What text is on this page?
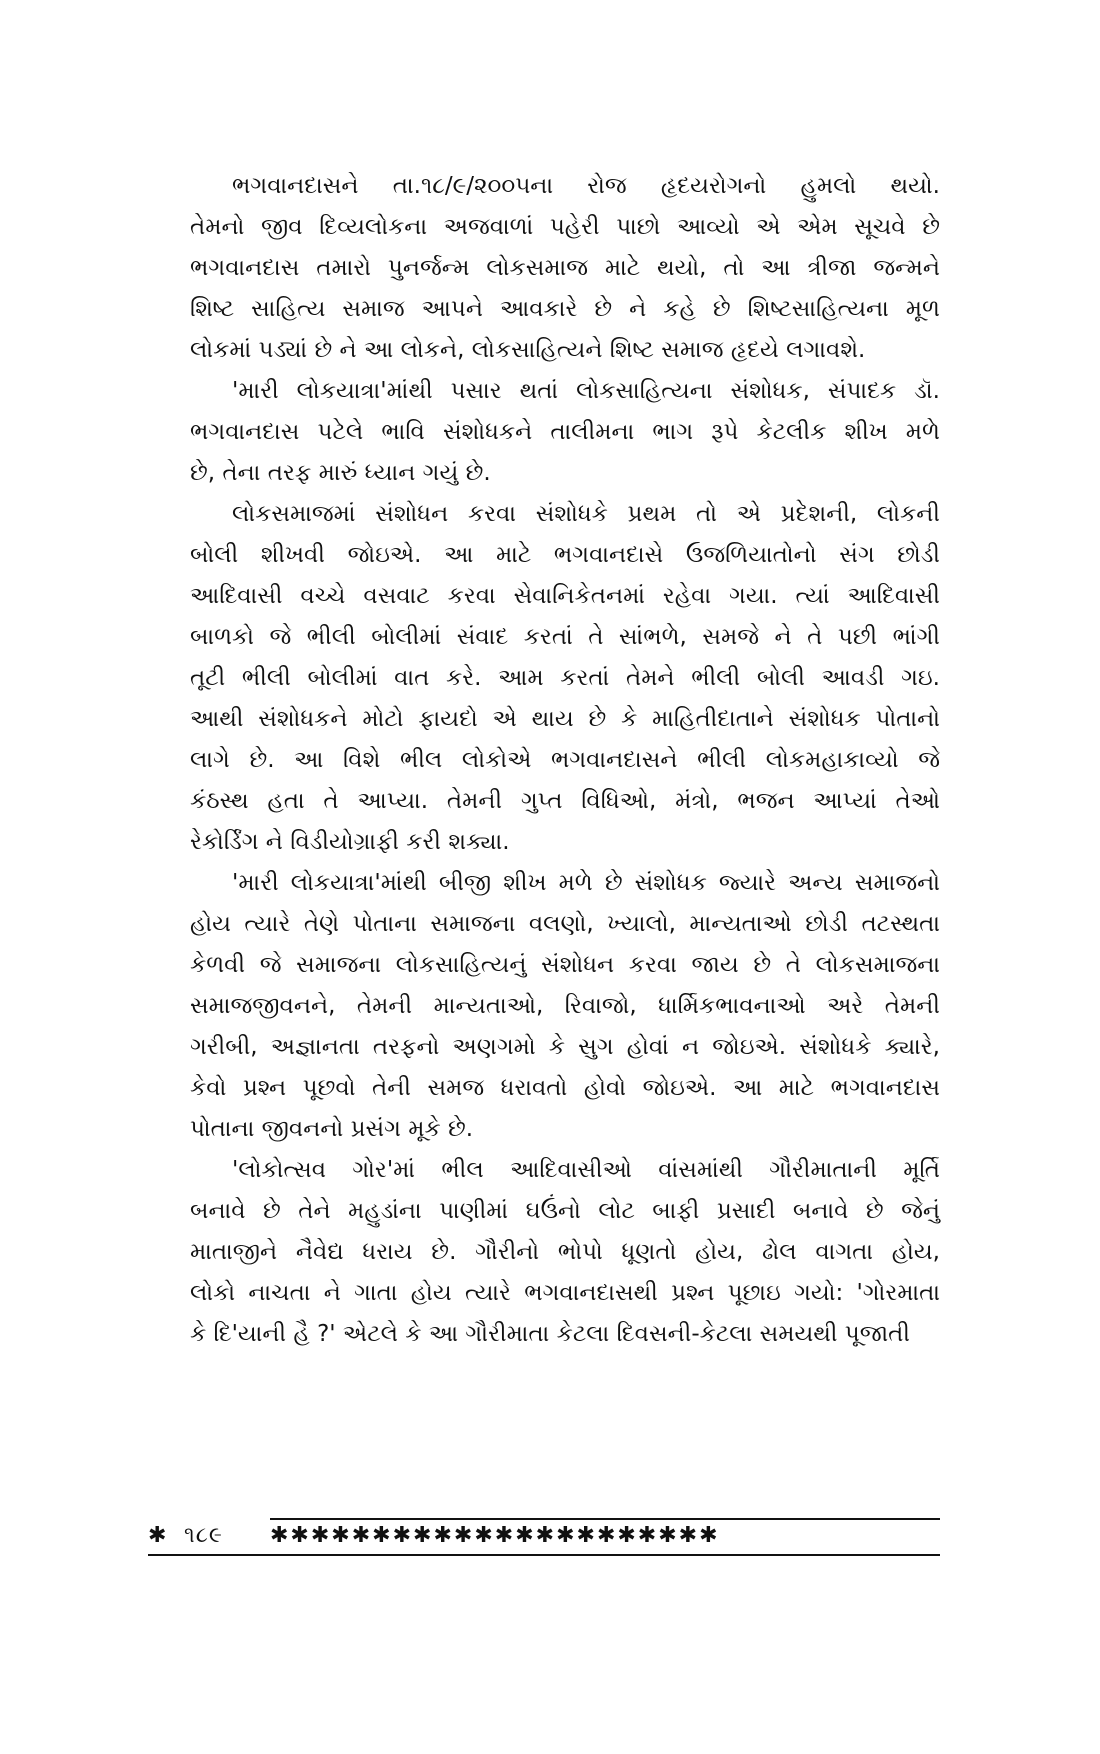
ભગવાનદાસને તા.૧૮/૯/૨૦૦૫ના રોજ હૃદયરોગનો હુમલો થયો.
તેમનો જીવ દિવ્યલોકના અજવાળાં પહેરી પાછો આવ્યો એ એમ સૂચવે છે
ભગવાનદાસ તમારો પુનર્જન્મ લોકસમાજ માટે થયો, તો આ ત્રીજા જન્મને
શિષ્ટ સાહિત્ય સમાજ આપને આવકારે છે ને કહે છે શિષ્ટસાહિત્યના મૂળ
લોકમાં પડ્યાં છે ને આ લોકને, લોકસાહિત્યને શિષ્ટ સમાજ હૃદયે લગાવશે.
'મારી લોકયાત્રા'માંથી પસાર થતાં લોકસાહિત્યના સંશોધક, સંપાદક ડૉ.
ભગવાનદાસ પટેલે ભાવિ સંશોધકને તાલીમના ભાગ રૂપે કેટલીક શીખ મળે
છે, તેના તરફ મારું ધ્યાન ગયું છે.
લોકસમાજમાં સંશોધન કરવા સંશોધકે પ્રથમ તો એ પ્રદેશની, લોકની
બોલી શીખવી જોઇએ. આ માટે ભગવાનદાસે ઉજળિયાતોનો સંગ છોડી
આદિવાસી વચ્ચે વસવાટ કરવા સેવાનિકેતનમાં રહેવા ગયા. ત્યાં આદિવાસી
બાળકો જે ભીલી બોલીમાં સંવાદ કરતાં તે સાંભળે, સમજે ને તે પછી ભાંગી
તૂટી ભીલી બોલીમાં વાત કરે. આમ કરતાં તેમને ભીલી બોલી આવડી ગઇ.
આથી સંશોધકને મોટો ફાયદો એ થાય છે કે માહિતીદાતાને સંશોધક પોતાનો
લાગે છે. આ વિશે ભીલ લોકોએ ભગવાનદાસને ભીલી લોકમહાકાવ્યો જે
કંઠસ્થ હતા તે આપ્યા. તેમની ગુપ્ત વિધિઓ, મંત્રો, ભજન આપ્યાં તેઓ
રેકોર્ડિંગ ને વિડીયોગ્રાફી કરી શક્યા.
'મારી લોકયાત્રા'માંથી બીજી શીખ મળે છે સંશોધક જ્યારે અન્ય સમાજનો
હોય ત્યારે તેણે પોતાના સમાજના વલણો, ખ્યાલો, માન્યતાઓ છોડી તટસ્થતા
કેળવી જે સમાજના લોકસાહિત્યનું સંશોધન કરવા જાય છે તે લોકસમાજના
સમાજજીવનને, તેમની માન્યતાઓ, રિવાજો, ધાર્મિકભાવનાઓ અરે તેમની
ગરીબી, અજ્ઞાનતા તરફનો અણગમો કે સુગ હોવાં ન જોઇએ. સંશોધકે ક્યારે,
કેવો પ્રશ્ન પૂછવો તેની સમજ ધરાવતો હોવો જોઇએ. આ માટે ભગવાનદાસ
પોતાના જીવનનો પ્રસંગ મૂકે છે.
'લોકોત્સવ ગોર'માં ભીલ આદિવાસીઓ વાંસમાંથી ગૌરીમાતાની મૂર્તિ
બનાવે છે તેને મહુડાંના પાણીમાં ઘઉંનો લોટ બાફી પ્રસાદી બનાવે છે જેનું
માતાજીને નૈવેદ્ય ધરાય છે. ગૌરીનો ભોપો ધૂણતો હોય, ઢોલ વાગતા હોય,
લોકો નાચતા ને ગાતા હોય ત્યારે ભગવાનદાસથી પ્રશ્ન પૂછાઇ ગયો: 'ગોરમાતા
કે દિ'યાની હૈ ?' એટલે કે આ ગૌરીમાતા કેટલા દિવસની-કેટલા સમયથી પૂજાતી
✱ ૧૮૯ ✱✱✱✱✱✱✱✱✱✱✱✱✱✱✱✱✱✱✱✱✱✱
